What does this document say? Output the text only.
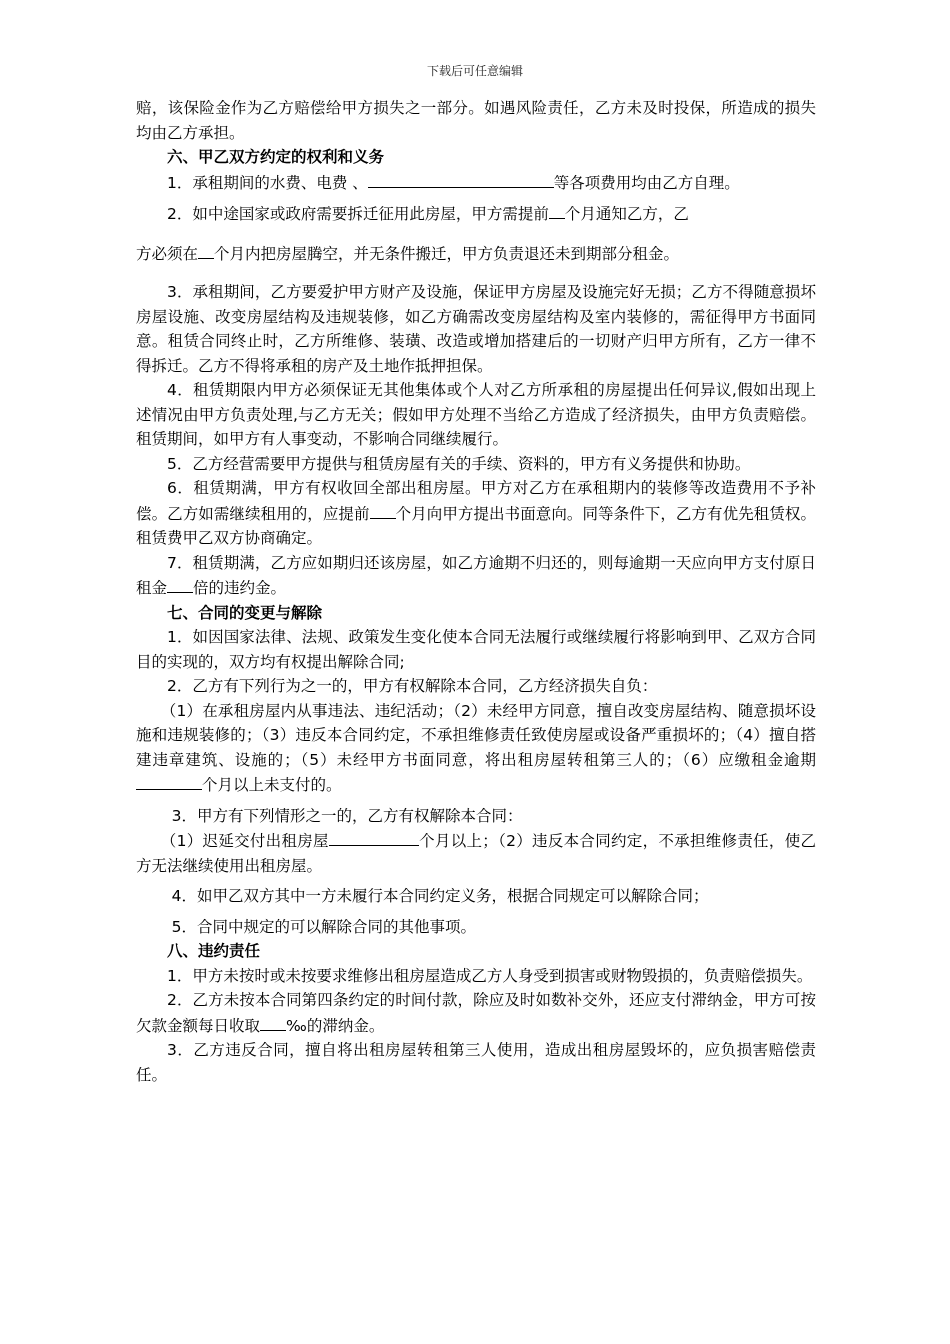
下载后可任意编辑

赔，该保险金作为乙方赔偿给甲方损失之一部分。如遇风险责任，乙方未及时投保，所造成的损失均由乙方承担。

六、甲乙双方约定的权利和义务

1．承租期间的水费、电费 、	等各项费用均由乙方自理。

2．如中途国家或政府需要拆迁征用此房屋，甲方需提前 个月通知乙方，乙

方必须在 个月内把房屋腾空，并无条件搬迁，甲方负责退还未到期部分租金。

3．承租期间，乙方要爱护甲方财产及设施，保证甲方房屋及设施完好无损；乙方不得随意损坏房屋设施、改变房屋结构及违规装修，如乙方确需改变房屋结构及室内装修的，需征得甲方书面同意。租赁合同终止时，乙方所维修、装璜、改造或增加搭建后的一切财产归甲方所有，乙方一律不得拆迁。乙方不得将承租的房产及土地作抵押担保。

4．租赁期限内甲方必须保证无其他集体或个人对乙方所承租的房屋提出任何异议,假如出现上述情况由甲方负责处理,与乙方无关；假如甲方处理不当给乙方造成了经济损失，由甲方负责赔偿。租赁期间，如甲方有人事变动，不影响合同继续履行。

5．乙方经营需要甲方提供与租赁房屋有关的手续、资料的，甲方有义务提供和协助。

6．租赁期满，甲方有权收回全部出租房屋。甲方对乙方在承租期内的装修等改造费用不予补偿。乙方如需继续租用的，应提前 个月向甲方提出书面意向。同等条件下，乙方有优先租赁权。租赁费甲乙双方协商确定。

7．租赁期满，乙方应如期归还该房屋，如乙方逾期不归还的，则每逾期一天应向甲方支付原日租金 倍的违约金。

七、合同的变更与解除

1．如因国家法律、法规、政策发生变化使本合同无法履行或继续履行将影响到甲、乙双方合同目的实现的，双方均有权提出解除合同;

2．乙方有下列行为之一的，甲方有权解除本合同，乙方经济损失自负：

（1）在承租房屋内从事违法、违纪活动；（2）未经甲方同意，擅自改变房屋结构、随意损坏设施和违规装修的；（3）违反本合同约定，不承担维修责任致使房屋或设备严重损坏的；（4）擅自搭建违章建筑、设施的；（5）未经甲方书面同意，将出租房屋转租第三人的；（6）应缴租金逾期个月以上未支付的。

3．甲方有下列情形之一的，乙方有权解除本合同：

（1）迟延交付出租房屋	个月以上；（2）违反本合同约定，不承担维修责任，使乙方无法继续使用出租房屋。

4．如甲乙双方其中一方未履行本合同约定义务，根据合同规定可以解除合同；

5．合同中规定的可以解除合同的其他事项。

八、违约责任

1．甲方未按时或未按要求维修出租房屋造成乙方人身受到损害或财物毁损的，负责赔偿损失。

2．乙方未按本合同第四条约定的时间付款，除应及时如数补交外，还应支付滞纳金，甲方可按欠款金额每日收取 ‰的滞纳金。

3．乙方违反合同，擅自将出租房屋转租第三人使用，造成出租房屋毁坏的，应负损害赔偿责任。
